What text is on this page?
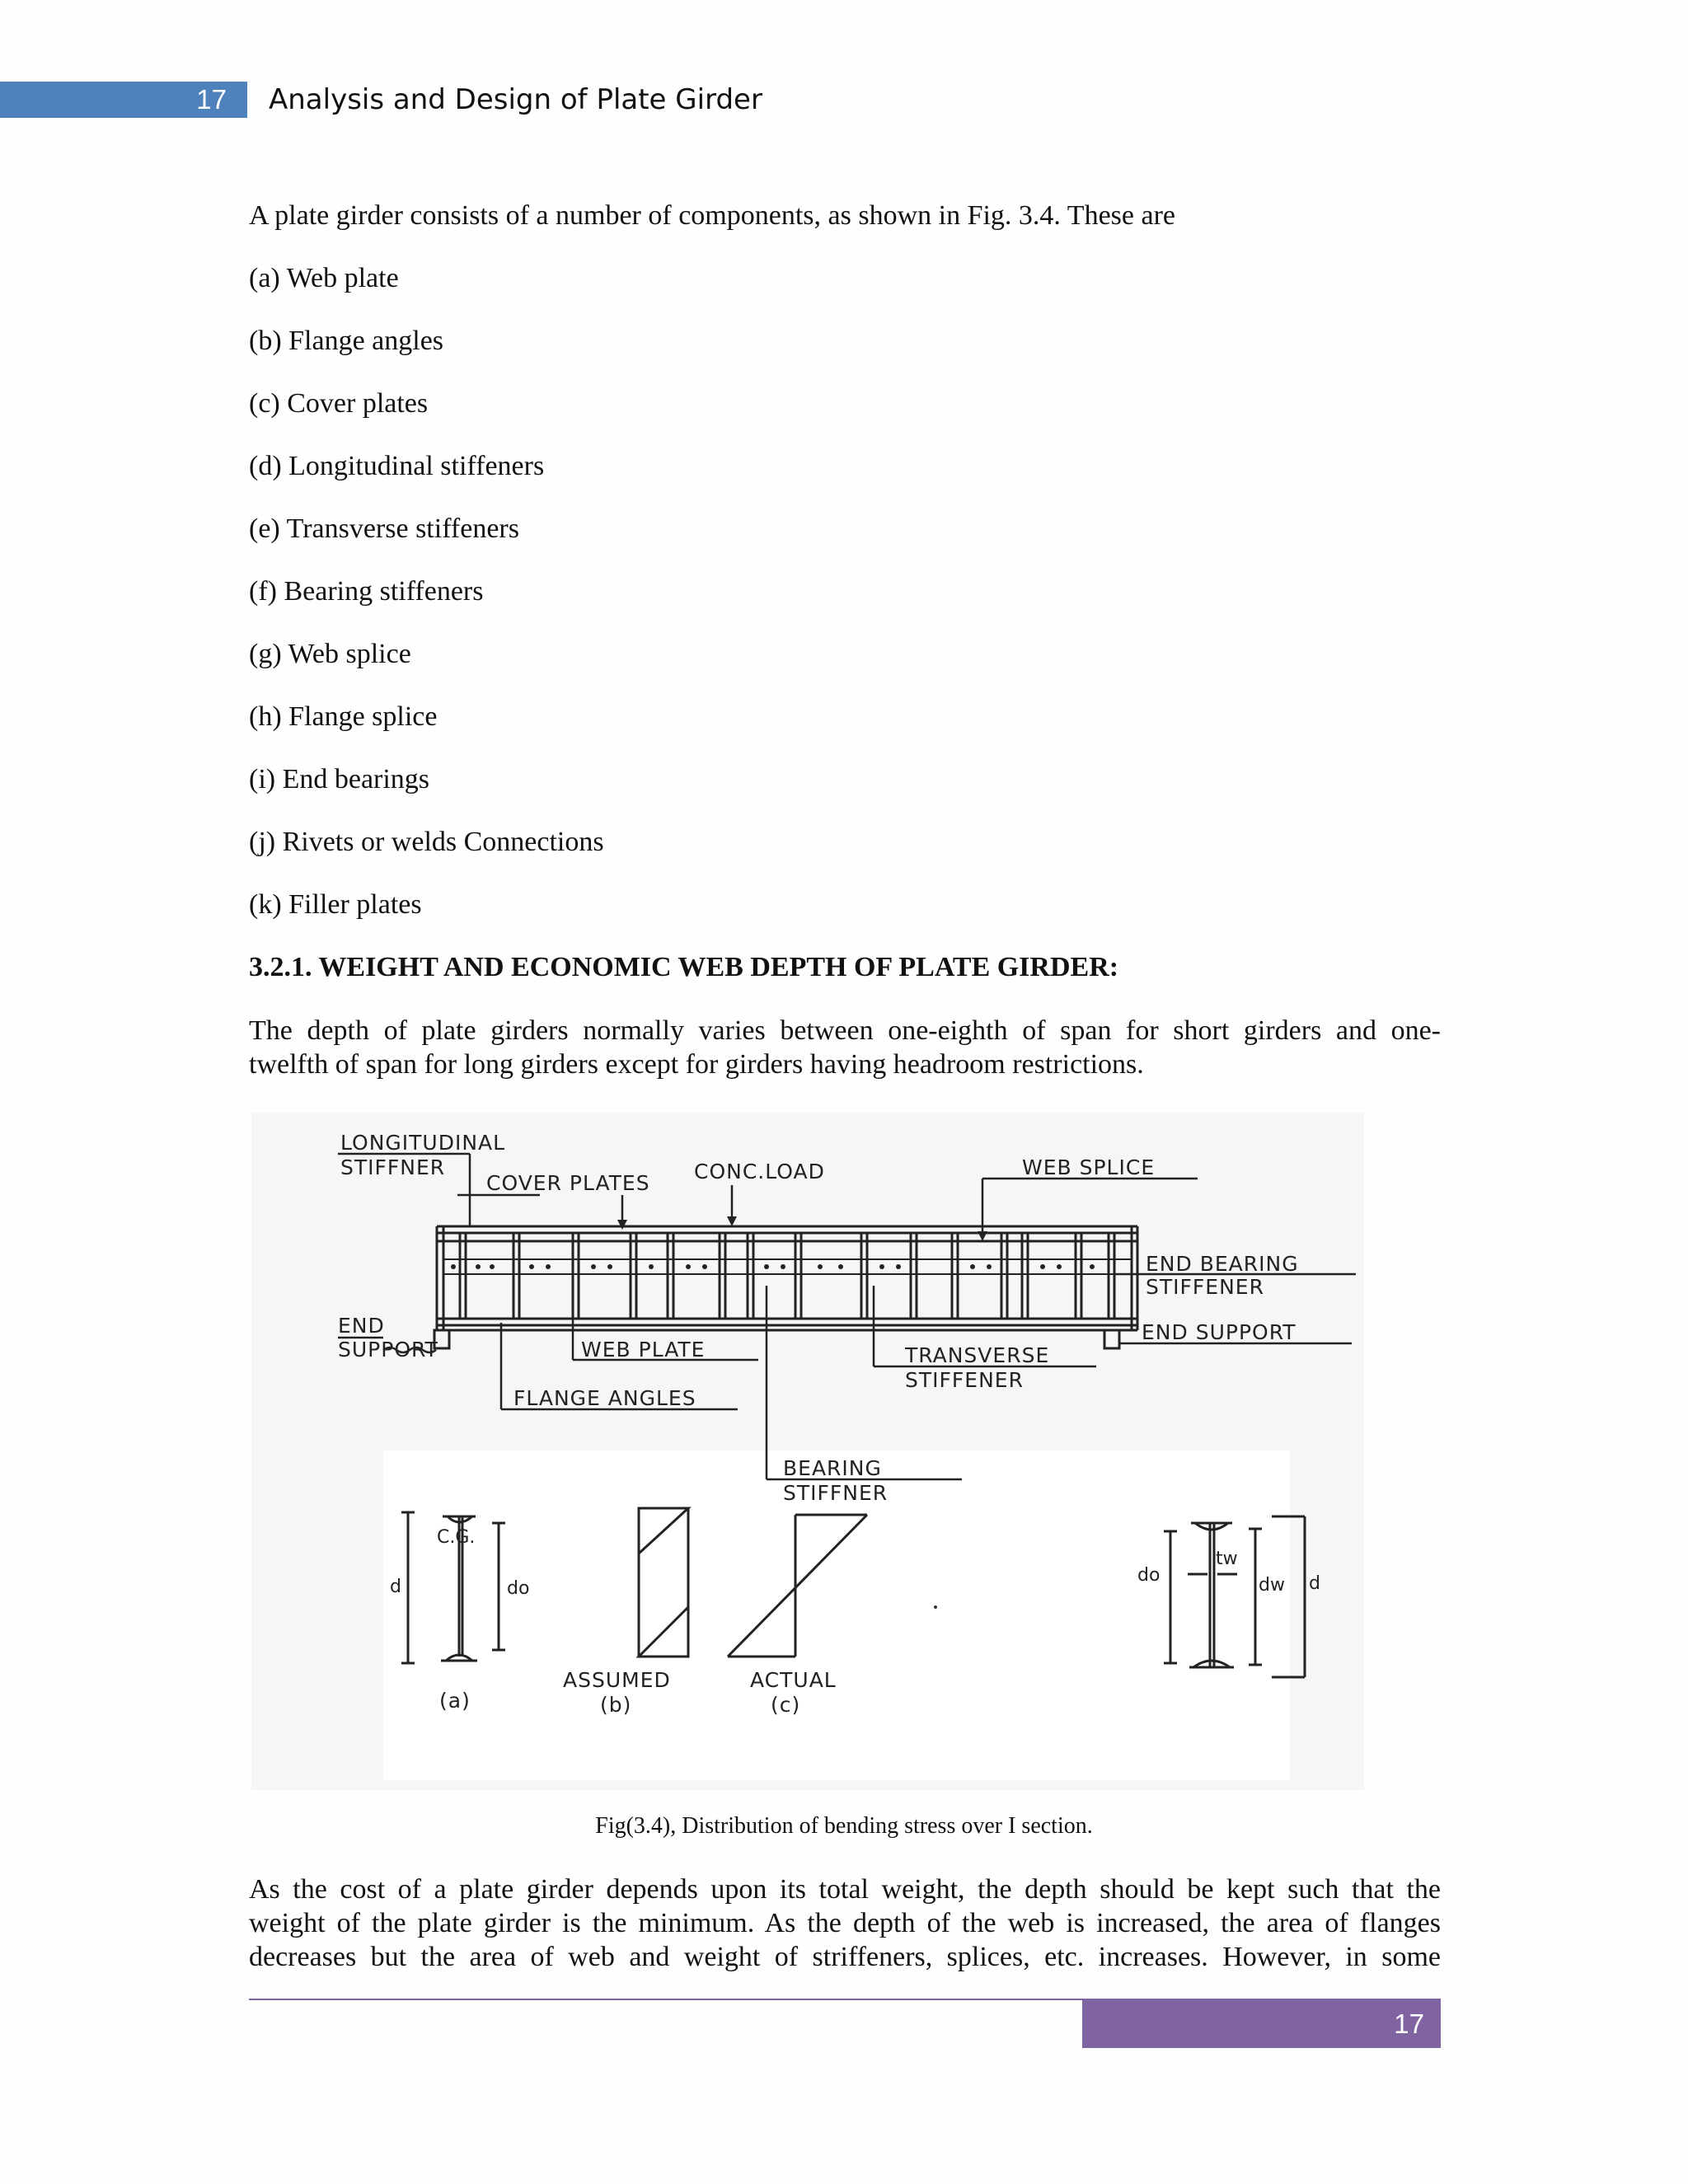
17 Analysis and Design of Plate Girder

A plate girder consists of a number of components, as shown in Fig. 3.4. These are

(a) Web plate

(b) Flange angles

(c) Cover plates

(d) Longitudinal stiffeners

(e) Transverse stiffeners

(f) Bearing stiffeners

(g) Web splice

(h) Flange splice

(i) End bearings

(j) Rivets or welds Connections

(k) Filler plates

3.2.1. WEIGHT AND ECONOMIC WEB DEPTH OF PLATE GIRDER:

The depth of plate girders normally varies between one-eighth of span for short girders and one-

twelfth of span for long girders except for girders having headroom restrictions.

LONGITUDINAL
STIFFNER
COVER PLATES CONC.LOAD	WEB SPLICE
END BEARING
STIFFENER
END
SUPPORT	WEB PLATE	TRANSVERSE
STIFFENER
END SUPPORT
FLANGE ANGLES
BEARING
STIFFNER
C.G.
d	do
(a)
ASSUMED
(b)
ACTUAL
(c)
do
tw
dw d

Fig(3.4), Distribution of bending stress over I section.

As the cost of a plate girder depends upon its total weight, the depth should be kept such that the

weight of the plate girder is the minimum. As the depth of the web is increased, the area of flanges

decreases but the area of web and weight of striffeners, splices, etc. increases. However, in some

17
